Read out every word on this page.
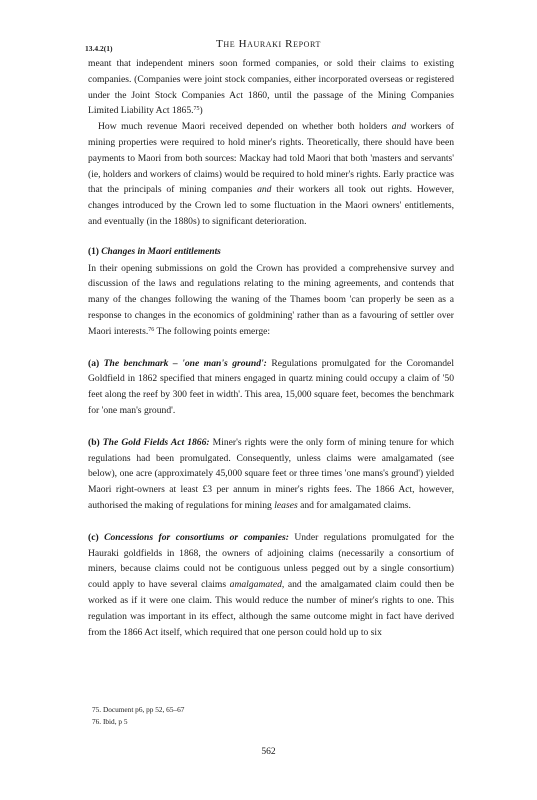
The Hauraki Report
13.4.2(1)

meant that independent miners soon formed companies, or sold their claims to existing companies. (Companies were joint stock companies, either incorporated overseas or registered under the Joint Stock Companies Act 1860, until the passage of the Mining Companies Limited Liability Act 1865.75)

How much revenue Maori received depended on whether both holders and workers of mining properties were required to hold miner's rights. Theoretically, there should have been payments to Maori from both sources: Mackay had told Maori that both 'masters and servants' (ie, holders and workers of claims) would be required to hold miner's rights. Early practice was that the principals of mining companies and their workers all took out rights. However, changes introduced by the Crown led to some fluctuation in the Maori owners' entitlements, and eventually (in the 1880s) to significant deterioration.

(1) Changes in Maori entitlements

In their opening submissions on gold the Crown has provided a comprehensive survey and discussion of the laws and regulations relating to the mining agreements, and contends that many of the changes following the waning of the Thames boom 'can properly be seen as a response to changes in the economics of goldmining' rather than as a favouring of settler over Maori interests.$^{76}$ The following points emerge:

(a) The benchmark – 'one man's ground': Regulations promulgated for the Coromandel Goldfield in 1862 specified that miners engaged in quartz mining could occupy a claim of '50 feet along the reef by 300 feet in width'. This area, 15,000 square feet, becomes the benchmark for 'one man's ground'.

(b) The Gold Fields Act 1866: Miner's rights were the only form of mining tenure for which regulations had been promulgated. Consequently, unless claims were amalgamated (see below), one acre (approximately 45,000 square feet or three times 'one mans's ground') yielded Maori right-owners at least £3 per annum in miner's rights fees. The 1866 Act, however, authorised the making of regulations for mining leases and for amalgamated claims.

(c) Concessions for consortiums or companies: Under regulations promulgated for the Hauraki goldfields in 1868, the owners of adjoining claims (necessarily a consortium of miners, because claims could not be contiguous unless pegged out by a single consortium) could apply to have several claims amalgamated, and the amalgamated claim could then be worked as if it were one claim. This would reduce the number of miner's rights to one. This regulation was important in its effect, although the same outcome might in fact have derived from the 1866 Act itself, which required that one person could hold up to six

75. Document p6, pp 52, 65–67

76. Ibid, p 5

562
